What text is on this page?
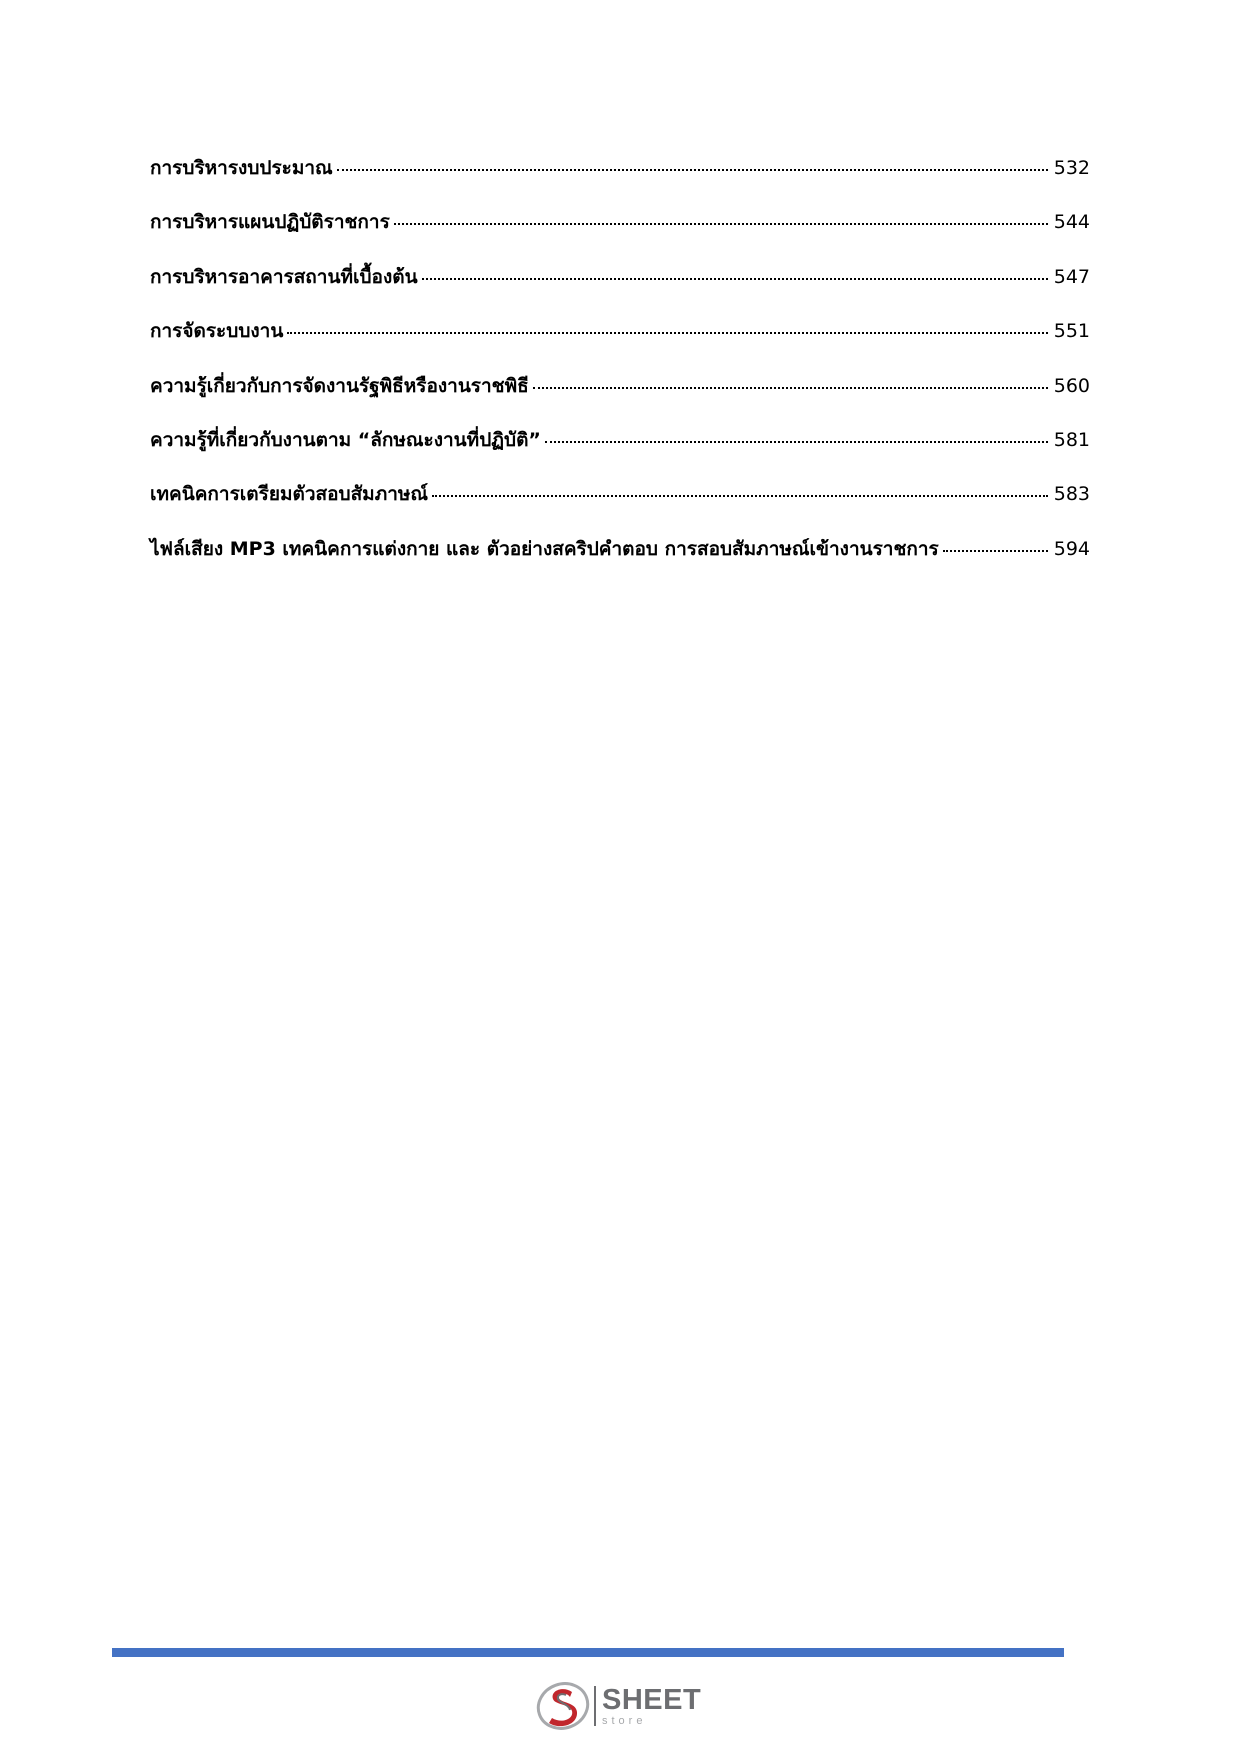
การบริหารงบประมาณ	532
การบริหารแผนปฏิบัติราชการ	544
การบริหารอาคารสถานที่เบื้องต้น	547
การจัดระบบงาน	551
ความรู้เกี่ยวกับการจัดงานรัฐพิธีหรืองานราชพิธี	560
ความรู้ที่เกี่ยวกับงานตาม “ลักษณะงานที่ปฏิบัติ”	581
เทคนิคการเตรียมตัวสอบสัมภาษณ์	583
ไฟล์เสียง MP3 เทคนิคการแต่งกาย และ ตัวอย่างสคริปคำตอบ การสอบสัมภาษณ์เข้างานราชการ	594
SHEET
store
